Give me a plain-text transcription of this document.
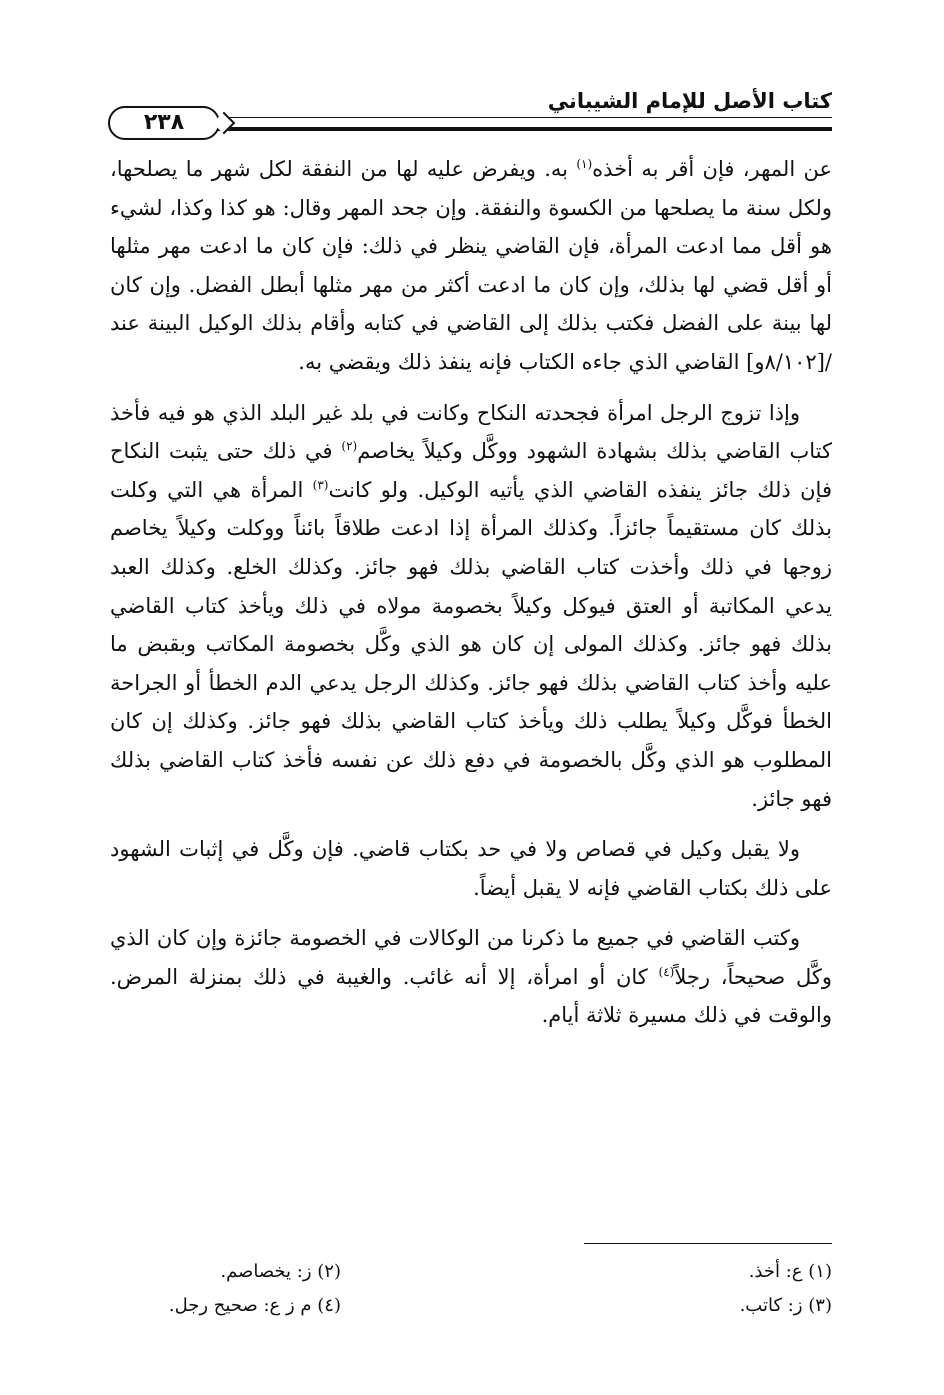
كتاب الأصل للإمام الشيباني
٢٣٨

عن المهر، فإن أقر به أخذه$^{(١)}$ به. ويفرض عليه لها من النفقة لكل شهر ما يصلحها، ولكل سنة ما يصلحها من الكسوة والنفقة. وإن جحد المهر وقال: هو كذا وكذا، لشيء هو أقل مما ادعت المرأة، فإن القاضي ينظر في ذلك: فإن كان ما ادعت مهر مثلها أو أقل قضي لها بذلك، وإن كان ما ادعت أكثر من مهر مثلها أبطل الفضل. وإن كان لها بينة على الفضل فكتب بذلك إلى القاضي في كتابه وأقام بذلك الوكيل البينة عند /[٨/١٠٢و] القاضي الذي جاءه الكتاب فإنه ينفذ ذلك ويقضي به.

وإذا تزوج الرجل امرأة فجحدته النكاح وكانت في بلد غير البلد الذي هو فيه فأخذ كتاب القاضي بذلك بشهادة الشهود ووكَّل وكيلاً يخاصم$^{(٢)}$ في ذلك حتى يثبت النكاح فإن ذلك جائز ينفذه القاضي الذي يأتيه الوكيل. ولو كانت$^{(٣)}$ المرأة هي التي وكلت بذلك كان مستقيماً جائزاً. وكذلك المرأة إذا ادعت طلاقاً بائناً ووكلت وكيلاً يخاصم زوجها في ذلك وأخذت كتاب القاضي بذلك فهو جائز. وكذلك الخلع. وكذلك العبد يدعي المكاتبة أو العتق فيوكل وكيلاً بخصومة مولاه في ذلك ويأخذ كتاب القاضي بذلك فهو جائز. وكذلك المولى إن كان هو الذي وكَّل بخصومة المكاتب وبقبض ما عليه وأخذ كتاب القاضي بذلك فهو جائز. وكذلك الرجل يدعي الدم الخطأ أو الجراحة الخطأ فوكَّل وكيلاً يطلب ذلك ويأخذ كتاب القاضي بذلك فهو جائز. وكذلك إن كان المطلوب هو الذي وكَّل بالخصومة في دفع ذلك عن نفسه فأخذ كتاب القاضي بذلك فهو جائز.

ولا يقبل وكيل في قصاص ولا في حد بكتاب قاضي. فإن وكَّل في إثبات الشهود على ذلك بكتاب القاضي فإنه لا يقبل أيضاً.

وكتب القاضي في جميع ما ذكرنا من الوكالات في الخصومة جائزة وإن كان الذي وكَّل صحيحاً، رجلاً$^{(٤)}$ كان أو امرأة، إلا أنه غائب. والغيبة في ذلك بمنزلة المرض. والوقت في ذلك مسيرة ثلاثة أيام.

(١) ع: أخذ.
(٢) ز: يخصاصم.
(٣) ز: كاتب.
(٤) م ز ع: صحيح رجل.
